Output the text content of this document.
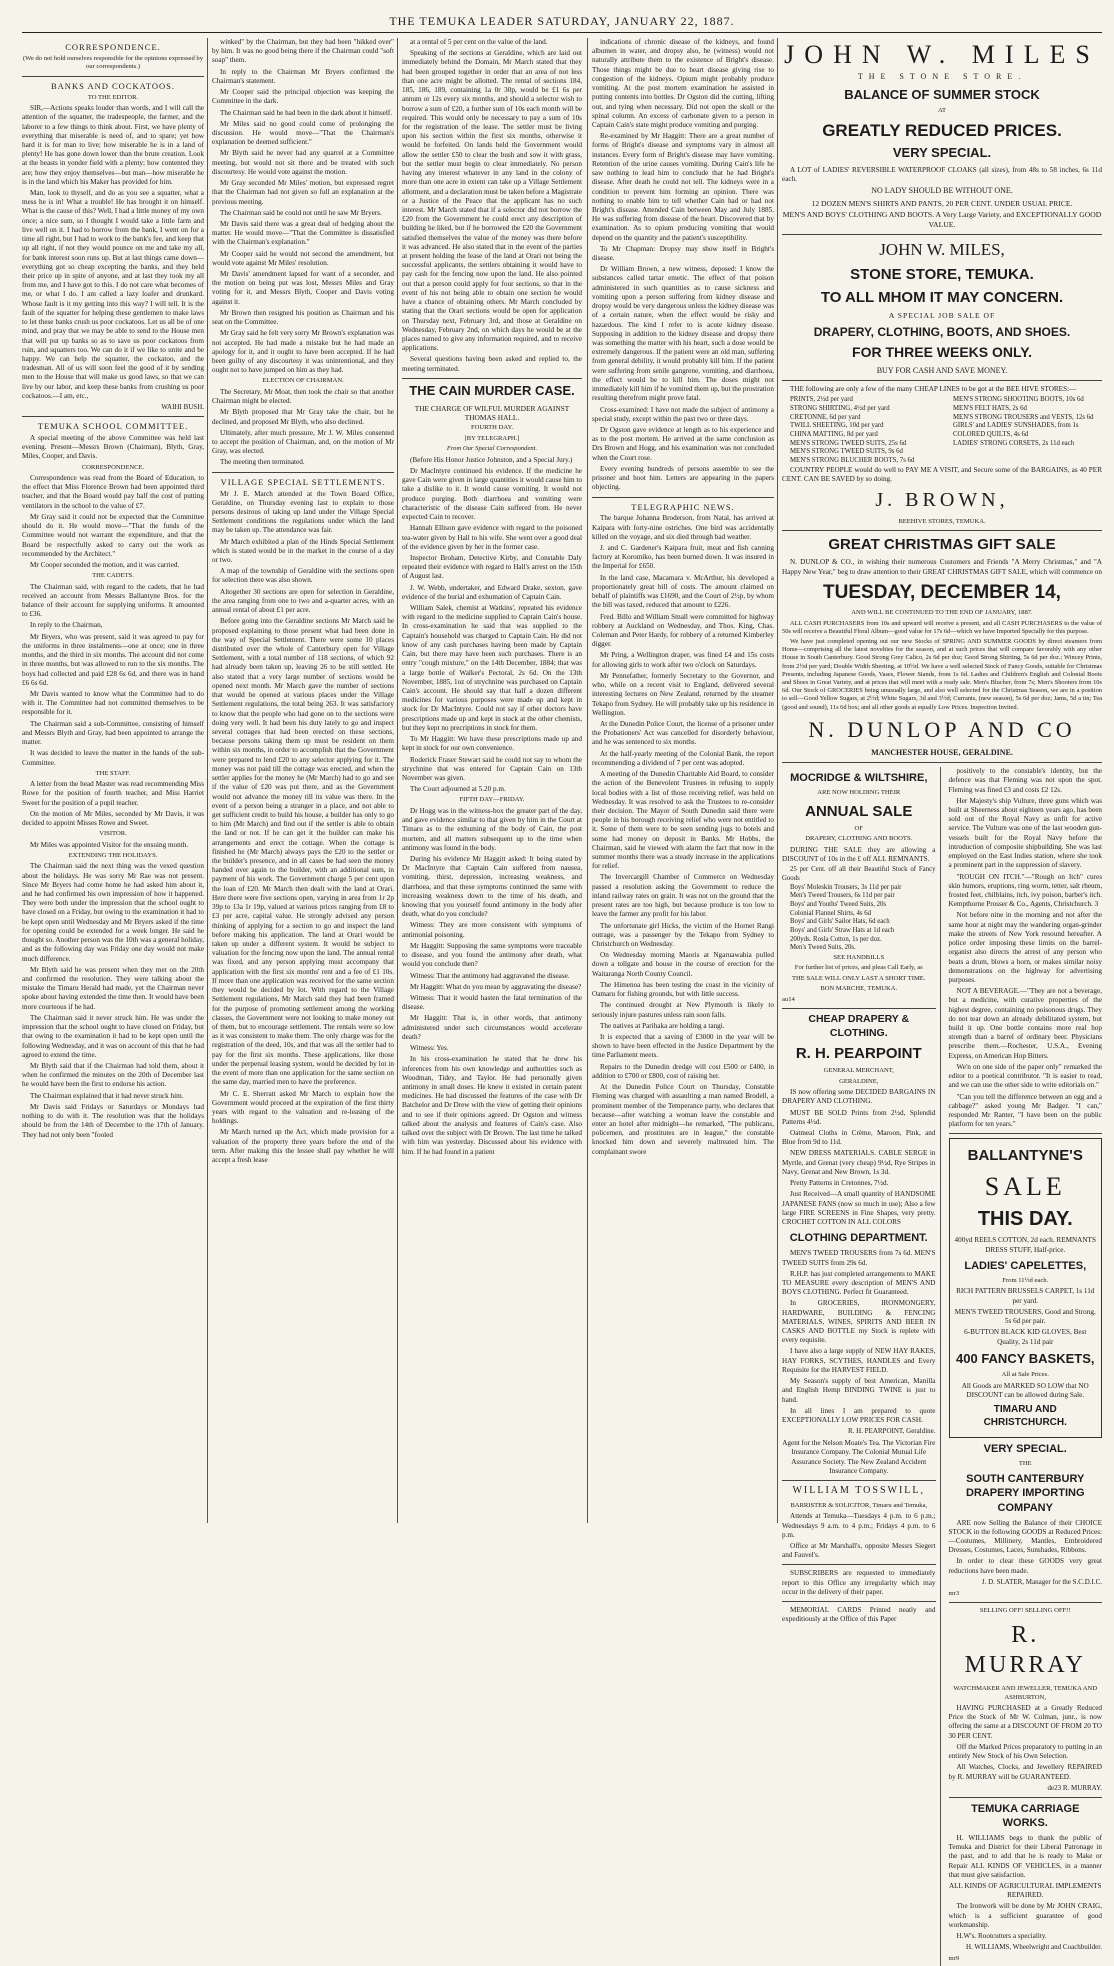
THE TEMUKA LEADER SATURDAY, JANUARY 22, 1887.
CORRESPONDENCE.
(We do not hold ourselves responsible for the opinions expressed by our correspondents.)
BANKS AND COCKATOOS.
TO THE EDITOR.

SIR,—Actions speaks louder than words, and I will call the attention of the squatter, the tradespeople, the farmer, and the laborer to a few things to think about. First, we have plenty of everything that miserable is need of, and to spare; yet how hard it is for man to live; how miserable he is in a land of plenty! He has gone down lower than the brute creation. Look at the beasts in yonder field with a plenty; how contented they are; how they enjoy themselves—but man—how miserable he is in the land which his Maker has provided for him.

Man, look to thyself, and do as you see a squatter, what a mess he is in! What a trouble! He has brought it on himself. What is the cause of this? Well, I had a little money of my own once; a nice sum, so I thought I would take a little farm and live well on it. I had to borrow from the bank, I went on for a time all right, but I had to work to the bank's fee, and keep that up all right, if not they would pounce on me and take my all, for bank interest soon runs up. But at last things came down—everything got so cheap excepting the banks, and they held their price up in spite of anyone, and at last they took my all from me, and I have got to this. I do not care what becomes of me, or what I do. I am called a lazy loafer and drunkard. Whose fault is it my getting into this way? I will tell. It is the fault of the squatter for helping these gentlemen to make laws to let these banks crush us poor cockatoos. Let us all be of one mind, and pray that we may be able to send to the House men that will put up banks so as to save us poor cockatoos from ruin, and squatters too. We can do it if we like to unite and be happy. We can help the squatter, the cockatoo, and the tradesman. All of us will soon feel the good of it by sending men to the House that will make us good laws, so that we can live by our labor, and keep these banks from crushing us poor cockatoos.—I am, etc.,

WAIHI BUSH.
TEMUKA SCHOOL COMMITTEE.

A special meeting of the above Committee was held last evening. Present—Messrs Brown (Chairman), Blyth, Gray, Miles, Cooper, and Davis.

CORRESPONDENCE.

Correspondence was read from the Board of Education, to the effect that Miss Florence Brown had been appointed third teacher, and that the Board would pay half the cost of putting ventilators in the school to the value of £7.

Mr Gray said it could not be expected that the Committee should do it. He would move—"That the funds of the Committee would not warrant the expenditure, and that the Board be respectfully asked to carry out the work as recommended by the Architect."

Mr Cooper seconded the motion, and it was carried.

THE CADETS.

The Chairman said, with regard to the cadets, that he had received an account from Messrs Ballantyne Bros. for the balance of their account for supplying uniforms. It amounted to £36.

In reply to the Chairman,

Mr Bryers, who was present, said it was agreed to pay for the uniforms in three instalments—one at once; one in three months, and the third in six months. The account did not come in three months, but was allowed to run to the six months. The boys had collected and paid £28 6s 6d, and there was in hand £6 6s 6d.

Mr Davis wanted to know what the Committee had to do with it. The Committee had not committed themselves to be responsible for it.

The Chairman said a sub-Committee, consisting of himself and Messrs Blyth and Gray, had been appointed to arrange the matter.

It was decided to leave the matter in the hands of the sub-Committee.

THE STAFF.

A letter from the head Master was read recommending Miss Rowe for the position of fourth teacher, and Miss Harriet Sweet for the position of a pupil teacher.

On the motion of Mr Miles, seconded by Mr Davis, it was decided to appoint Misses Rowe and Sweet.

VISITOR.

Mr Miles was appointed Visitor for the ensuing month.

EXTENDING THE HOLIDAYS.

The Chairman said the next thing was the vexed question about the holidays. He was sorry Mr Rae was not present. Since Mr Bryers had come home he had asked him about it, and he had confirmed his own impression of how it happened. They were both under the impression that the school ought to have closed on a Friday, but owing to the examination it had to be kept open until Wednesday and Mr Bryers asked if the time for opening could be extended for a week longer. He said he thought so. Another person was the 10th was a general holiday, and as the following day was Friday one day would not make much difference.

Mr Blyth said he was present when they met on the 20th and confirmed the resolution. They were talking about the mistake the Timaru Herald had made, yet the Chairman never spoke about having extended the time then. It would have been more courteous if he had.

The Chairman said it never struck him. He was under the impression that the school ought to have closed on Friday, but that owing to the examination it had to be kept open until the following Wednesday, and it was on account of this that he had agreed to extend the time.

Mr Blyth said that if the Chairman had told them, about it when he confirmed the minutes on the 20th of December last he would have been the first to endorse his action.

The Chairman explained that it had never struck him.

Mr Davis said Fridays or Saturdays or Mondays had nothing to do with it. The resolution was that the holidays should be from the 14th of December to the 17th of January. They had not only been "fooled

winked" by the Chairman, but they had been "hikked over" by him. It was no good being there if the Chairman could "soft soap" them.

In reply to the Chairman Mr Bryers confirmed the Chairman's statement.

Mr Cooper said the principal objection was keeping the Committee in the dark.

The Chairman said he had been in the dark about it himself.

Mr Miles said no good could come of prolonging the discussion. He would move—"That the Chairman's explanation be deemed sufficient."

Mr Blyth said he never had any quarrel at a Committee meeting, but would not sit there and be treated with such discourtesy. He would vote against the motion.

Mr Gray seconded Mr Miles' motion, but expressed regret that the Chairman had not given so full an explanation at the previous meeting.

The Chairman said he could not until he saw Mr Bryers.

Mr Davis said there was a great deal of hedging about the matter. He would move—"That the Committee is dissatisfied with the Chairman's explanation."

Mr Cooper said he would not second the amendment, but would vote against Mr Miles' resolution.

Mr Davis' amendment lapsed for want of a seconder, and the motion on being put was lost, Messrs Miles and Gray voting for it, and Messrs Blyth, Cooper and Davis voting against it.

Mr Brown then resigned his position as Chairman and his seat on the Committee.

Mr Gray said he felt very sorry Mr Brown's explanation was not accepted. He had made a mistake but he had made an apology for it, and it ought to have been accepted. If he had been guilty of any discourtesy it was unintentional, and they ought not to have jumped on him as they had.

ELECTION OF CHAIRMAN.

The Secretary, Mr Moat, then took the chair so that another Chairman might be elected.

Mr Blyth proposed that Mr Gray take the chair, but he declined, and proposed Mr Blyth, who also declined.

Ultimately, after much pressure, Mr J. W. Miles consented to accept the position of Chairman, and, on the motion of Mr Gray, was elected.

The meeting then terminated.

VILLAGE SPECIAL SETTLEMENTS.

Mr J. E. March attended at the Town Board Office, Geraldine, on Thursday evening last to explain to those persons desirous of taking up land under the Village Special Settlement conditions the regulations under which the land may be taken up. The attendance was fair.

Mr March exhibited a plan of the Hinds Special Settlement which is stated would be in the market in the course of a day or two.

A map of the township of Geraldine with the sections open for selection there was also shown.

Altogether 30 sections are open for selection in Geraldine, the area ranging from one to two and a-quarter acres, with an annual rental of about £1 per acre.

Before going into the Geraldine sections Mr March said he proposed explaining to those present what had been done in the way of Special Settlement. There were some 10 places distributed over the whole of Canterbury open for Village Settlement, with a total number of 118 sections, of which 92 had already been taken up, leaving 26 to be still settled. He also stated that a very large number of sections would be opened next month. Mr March gave the number of sections that would be opened at various places under the Village Settlement regulations, the total being 263. It was satisfactory to know that the people who had gone on to the sections were doing very well. It had been his duty lately to go and inspect several cottages that had been erected on these sections, because persons taking them up must be resident on them within six months, in order to accomplish that the Government were prepared to lend £20 to any selector applying for it. The money was not paid till the cottage was erected, and when the settler applies for the money he (Mr March) had to go and see if the value of £20 was put there, and as the Government would not advance the money till its value was there. In the event of a person being a stranger in a place, and not able to get sufficient credit to build his house, a builder has only to go to him (Mr March) and find out if the settler is able to obtain the land or not. If he can get it the builder can make his arrangements and erect the cottage. When the cottage is finished he (Mr March) always pays the £20 to the settler or the builder's presence, and in all cases be had seen the money handed over again to the builder, with an additional sum, in payment of his work. The Government charge 5 per cent upon the loan of £20. Mr March then dealt with the land at Orari. Here there were five sections open, varying in area from 1r 2p 39p to 13a 1r 19p, valued at various prices ranging from £8 to £3 per acre, capital value. He strongly advised any person thinking of applying for a section to go and inspect the land before making his application. The land at Orari would be taken up under a different system. It would be subject to valuation for the fencing now upon the land. The annual rental was fixed, and any person applying must accompany that application with the first six months' rent and a fee of £1 10s. If more than one application was received for the same section they would be decided by lot. With regard to the Village Settlement regulations, Mr March said they had been framed for the purpose of promoting settlement among the working classes, the Government were not looking to make money out of them, but to encourage settlement. The rentals were so low as it was consistent to make them. The only charge was for the registration of the deed, 10s, and that was all the settler had to pay for the first six months. These applications, like those under the perpetual leasing system, would be decided by lot in the event of more than one application for the same section on the same day, married men to have the preference.

Mr C. E. Sherratt asked Mr March to explain how the Government would proceed at the expiration of the first thirty years with regard to the valuation and re-leasing of the holdings.

Mr March turned up the Act, which made provision for a valuation of the property three years before the end of the term. After making this the lessee shall pay whether he will accept a fresh lease

at a rental of 5 per cent on the value of the land.

Speaking of the sections at Geraldine, which are laid out immediately behind the Domain, Mr March stated that they had been grouped together in order that an area of not less than one acre might be allotted. The rental of sections 184, 185, 186, 189, containing 1a 0r 30p, would be £1 6s per annum or 12s every six months, and should a selector wish to borrow a sum of £20, a further sum of 10s each month will be required. This would only be necessary to pay a sum of 10s for the registration of the lease. The settler must be living upon his section within the first six months, otherwise it would be forfeited. On lands held the Government would allow the settler £50 to clear the bush and sow it with grass, but the settler must begin to clear immediately. No person having any interest whatever in any land in the colony of more than one acre in extent can take up a Village Settlement allotment, and a declaration must be taken before a Magistrate or a Justice of the Peace that the applicant has no such interest. Mr March stated that if a selector did not borrow the £20 from the Government he could erect any description of building he liked, but if he borrowed the £20 the Government satisfied themselves the value of the money was there before it was advanced. He also stated that in the event of the parties at present holding the lease of the land at Orari not being the successful applicants, the settlers obtaining it would have to pay cash for the fencing now upon the land. He also pointed out that a person could apply for four sections, so that in the event of his not being able to obtain one section he would have a chance of obtaining others. Mr March concluded by stating that the Orari sections would be open for application on Thursday next, February 3rd, and those at Geraldine on Wednesday, February 2nd, on which days he would be at the places named to give any information required, and to receive applications.

Several questions having been asked and replied to, the meeting terminated.

THE CAIN MURDER CASE.
THE CHARGE OF WILFUL MURDER AGAINST THOMAS HALL.
FOURTH DAY.
[BY TELEGRAPH.]
From Our Special Correspondent.

(Before His Honor Justice Johnston, and a Special Jury.)

Dr MacIntyre continued his evidence. If the medicine he gave Cain were given in large quantities it would cause him to take a dislike to it. It would cause vomiting. It would not produce purging. Both diarrhoea and vomiting were characteristic of the disease Cain suffered from. He never expected Cain to recover.

Hannah Ellison gave evidence with regard to the poisoned tea-water given by Hall to his wife. She went over a good deal of the evidence given by her in the former case.

Inspector Broham, Detective Kirby, and Constable Daly repeated their evidence with regard to Hall's arrest on the 15th of August last.

J. W. Webb, undertaker, and Edward Drake, sexton, gave evidence of the burial and exhumation of Captain Cain.

William Salek, chemist at Watkins', repeated his evidence with regard to the medicine supplied to Captain Cain's house. In cross-examination he said that was supplied to the Captain's household was charged to Captain Cain. He did not know of any cash purchases having been made by Captain Cain, but there may have been such purchases. There is an entry "cough mixture," on the 14th December, 1884; that was a large bottle of Walker's Pectoral, 2s 6d. On the 13th November, 1885, 1oz of strychnine was purchased on Captain Cain's account. He should say that half a dozen different medicines for various purposes were made up and kept in stock for Dr MacIntyre. Could not say if other doctors have prescriptions made up and kept in stock at the other chemists, but they kept no precriptions in stock for them.

To Mr Haggitt: We have these prescriptions made up and kept in stock for our own convenience.

Roderick Fraser Stewart said he could not say to whom the strychnine that was entered for Captain Cain on 13th November was given.

The Court adjourned at 5.20 p.m.

FIFTH DAY—FRIDAY.

Dr Hogg was in the witness-box the greater part of the day, and gave evidence similar to that given by him in the Court at Timaru as to the exhuming of the body of Cain, the post mortem, and all matters subsequent up to the time when antimony was found in the body.

During his evidence Mr Haggitt asked: It being stated by Dr MacIntyre that Captain Cain suffered from nausea, vomiting, thirst, depression, increasing weakness, and diarrhoea, and that these symptoms continued the same with increasing weakness down to the time of his death, and knowing that you yourself found antimony in the body after death, what do you conclude?

Witness: They are more consistent with symptoms of antimonial poisoning.

Mr Haggitt: Supposing the same symptoms were traceable to disease, and you found the antimony after death, what would you conclude then?

Witness: That the antimony had aggravated the disease.

Mr Haggitt: What do you mean by aggravating the disease?

Witness: That it would hasten the fatal termination of the disease.

Mr Haggitt: That is, in other words, that antimony administered under such circumstances would accelerate death?

Witness: Yes.

In his cross-examination he stated that he drew his inferences from his own knowledge and authorities such as Woodman, Tidey, and Taylor. He had personally given antimony in small doses. He knew it existed in certain patent medicines. He had discussed the features of the case with Dr Batchelor and Dr Drew with the view of getting their opinions and to see if their opinions agreed. Dr Ogston and witness talked about the analysis and features of Cain's case. Also talked over the subject with Dr Brown. The last time he talked with him was yesterday. Discussed about his evidence with him. If he had found in a patient

indications of chronic disease of the kidneys, and found albumen in water, and dropsy also, he (witness) would not naturally attribute them to the existence of Bright's disease. Those things might be due to heart disease giving rise to congestion of the kidneys. Opium might probably produce vomiting. At the post mortem examination he assisted in putting contents into bottles. Dr Ogston did the cutting, lifting out, and tying when necessary. Did not open the skull or the spinal column. An excess of carbonate given to a person in Captain Cain's state might produce vomiting and purging.

Re-examined by Mr Haggitt: There are a great number of forms of Bright's disease and symptoms vary in almost all instances. Every form of Bright's disease may have vomiting. Retention of the urine causes vomiting. During Cain's life he saw nothing to lead him to conclude that he had Bright's disease. After death he could not tell. The kidneys were in a condition to prevent him forming an opinion. There was nothing to enable him to tell whether Cain had or had not Bright's disease. Attended Cain between May and July 1885. He was suffering from disease of the heart. Discovered that by examination. As to opium producing vomiting that would depend on the quantity and the patient's susceptibility.

To Mr Chapman: Dropsy may show itself in Bright's disease.

Dr William Brown, a new witness, deposed: I know the substances called tartar emetic. The effect of that poison administered in such quantities as to cause sickness and vomiting upon a person suffering from kidney disease and dropsy would be very dangerous unless the kidney disease was of a certain nature, when the effect would be risky and hazardous. The kind I refer to is acute kidney disease. Supposing in addition to the kidney disease and dropsy there was something the matter with his heart, such a dose would be extremely dangerous. If the patient were an old man, suffering from general debility, it would probably kill him. If the patient were suffering from senile gangrene, vomiting, and diarrhoea, the effect would be to kill him. The doses might not immediately kill him if he vomited them up, but the prostration resulting therefrom might prove fatal.

Cross-examined: I have not made the subject of antimony a special study, except within the past two or three days.

Dr Ogston gave evidence at length as to his experience and as to the post mortem. He arrived at the same conclusion as Drs Brown and Hogg, and his examination was not concluded when the Court rose.

Every evening hundreds of persons assemble to see the prisoner and hoot him. Letters are appearing in the papers objecting.

TELEGRAPHIC NEWS.

The barque Johanna Broderson, from Natal, has arrived at Kaipara with forty-nine ostriches. One bird was accidentally killed on the voyage, and six died through bad weather.

J. and C. Gardener's Kaipara fruit, meat and fish canning factory at Koromiko, has been burned down. It was insured in the Imperial for £650.

In the land case, Macamara v. McArthur, his developed a proportionately great bill of costs. The amount claimed on behalf of plaintiffs was £1690, and the Court of 2½p, by whom the bill was taxed, reduced that amount to £226.

Fred. Billo and William Small were committed for highway robbery at Auckland on Wednesday, and Thos. King, Chas. Coleman and Peter Hardy, for robbery of a returned Kimberley digger.

Mr Pring, a Wellington draper, was fined £4 and 15s costs for allowing girls to work after two o'clock on Saturdays.

Mr Pennefather, formerly Secretary to the Governor, and who, while on a recent visit to England, delivered several interesting lectures on New Zealand, returned by the steamer Tekapo from Sydney. He will probably take up his residence in Wellington.

At the Dunedin Police Court, the license of a prisoner under the Probationers' Act was cancelled for disorderly behaviour, and he was sentenced to six months.

At the half-yearly meeting of the Colonial Bank, the report recommending a dividend of 7 per cent was adopted.

A meeting of the Dunedin Charitable Aid Board, to consider the action of the Benevolent Trustees in refusing to supply local bodies with a list of those receiving relief, was held on Wednesday. It was resolved to ask the Trustees to re-consider their decision. The Mayor of South Dunedin said there were people in his borough receiving relief who were not entitled to it. Some of them were to be seen sending jugs to hotels and some had money on deposit in Banks. Mr Hobbs, the Chairman, said he viewed with alarm the fact that now in the summer months there was a steady increase in the applications for relief.

The Invercargill Chamber of Commerce on Wednesday passed a resolution asking the Government to reduce the inland railway rates on grain. It was not on the ground that the present rates are too high, but because produce is too low to leave the farmer any profit for his labor.

The unfortunate girl Hicks, the victim of the Hornet Rangi outrage, was a passenger by the Tekapo from Sydney to Christchurch on Wednesday.

On Wednesday morning Maoris at Ngaruawahia pulled down a tollgate and house in the course of erection for the Waitaranga North County Council.

The Himenoa has been testing the coast in the vicinity of Oamaru for fishing grounds, but with little success.

The continued drought at New Plymouth is likely to seriously injure pastures unless rain soon falls.

The natives at Parihaka are holding a tangi.

It is expected that a saving of £3000 in the year will be shown to have been effected in the Justice Department by the time Parliament meets.

Repairs to the Dunedin dredge will cost £500 or £400, in addition to £700 or £800, cost of raising her.

At the Dunedin Police Court on Thursday, Constable Fleming was charged with assaulting a man named Brodell, a prominent member of the Temperance party, who declares that because—after watching a woman leave the constable and enter an hotel after midnight—he remarked, "The publicans, policemen, and prostitutes are in league," the constable knocked him down and severely maltreated him. The complainant swore

JOHN W. MILES
THE STONE STORE.
BALANCE OF SUMMER STOCK
AT
GREATLY REDUCED PRICES.
VERY SPECIAL.

A LOT of LADIES' REVERSIBLE WATERPROOF CLOAKS (all sizes), from 48s to 58 inches, 6s 11d each.

NO LADY SHOULD BE WITHOUT ONE.
12 DOZEN MEN'S SHIRTS AND PANTS, 20 PER CENT. UNDER USUAL PRICE.
MEN'S AND BOYS' CLOTHING AND BOOTS. A Very Large Variety, and EXCEPTIONALLY GOOD VALUE.
JOHN W. MILES,
STONE STORE, TEMUKA.
TO ALL MHOM IT MAY CONCERN.
A SPECIAL JOB SALE OF
DRAPERY, CLOTHING, BOOTS, AND SHOES.
FOR THREE WEEKS ONLY.
BUY FOR CASH AND SAVE MONEY.

THE following are only a few of the many CHEAP LINES to be got at the BEE HIVE STORES:—

PRINTS, 2½d per yard

STRONG SHIRTING, 4½d per yard

CRETONNE, 6d per yard

TWILL SHEETING, 10d per yard

CHINA MATTING, 8d per yard

MEN'S STRONG TWEED SUITS, 25s 6d

MEN'S STRONG TWEED SUITS, 9s 6d

MEN'S STRONG BLUCHER BOOTS, 7s 6d

MEN'S STRONG SHOOTING BOOTS, 10s 6d

MEN'S FELT HATS, 2s 6d

MEN'S STRONG TROUSERS and VESTS, 12s 6d

GIRLS' and LADIES' SUNSHADES, from 1s

COLORED QUILTS, 4s 6d

LADIES' STRONG CORSETS, 2s 11d each

COUNTRY PEOPLE would do well to PAY ME A VISIT, and Secure some of the BARGAINS, as 40 PER CENT. CAN BE SAVED by so doing.

J. BROWN,
BEEHIVE STORES, TEMUKA.
GREAT CHRISTMAS GIFT SALE

N. DUNLOP & CO., in wishing their numerous Customers and Friends "A Merry Christmas," and "A Happy New Year," beg to draw attention to their GREAT CHRISTMAS GIFT SALE, which will commence on

TUESDAY, DECEMBER 14,
AND WILL BE CONTINUED TO THE END OF JANUARY, 1887.

ALL CASH PURCHASERS from 10s and upward will receive a present, and all CASH PURCHASERS to the value of 50s will receive a Beautiful Floral Album—good value for 17s 6d—which we have Imported Specially for this purpose.

We have just completed opening out our new Stocks of SPRING AND SUMMER GOODS by direct steamers from Home—comprising all the latest novelties for the season, and at such prices that will compare favorably with any other House in South Canterbury. Good Strong Grey Calico, 2s 6d per doz; Good Strong Shirting, 5s 6d per doz.; Wincey Prints, from 2½d per yard; Double Width Sheeting, at 10½d. We have a well selected Stock of Fancy Goods, suitable for Christmas Presents, including Japanese Goods, Vases, Flower Stands, from 1s 6d. Ladies and Children's English and Colonial Boots and Shoes in Great Variety, and at prices that will meet with a ready sale. Men's Blucher, from 7s; Men's Shooters from 10s 6d. Our Stock of GROCERIES being unusually large, and also well selected for the Christmas Season, we are in a position to sell—Good Yellow Sugars, at 2½d; White Sugars, 3d and 3½d; Currants, (new season), 5s 6d per doz; Jams, 5d a tin; Tea (good and sound), 11s 6d box; and all other goods at equally Low Prices. Inspection Invited.

N. DUNLOP AND CO
MANCHESTER HOUSE, GERALDINE.
MOCRIDGE & WILTSHIRE,
ARE NOW HOLDING THEIR
ANNUAL SALE
OF
DRAPERY, CLOTHING AND BOOTS.

DURING THE SALE they are allowing a DISCOUNT of 10s in the £ off ALL REMNANTS.

25 per Cent. off all their Beautiful Stock of Fancy Goods

Boys' Moleskin Trousers, 3s 11d per pair

Men's Tweed Trousers, 6s 11d per pair

Boys' and Youths' Tweed Suits, 20s

Colonial Flannel Shirts, 4s 6d

Boys' and Girls' Sailor Hats, 6d each

Boys' and Girls' Straw Hats at 1d each

200yds. Rosla Cotton, 1s per doz.

Men's Tweed Suits, 20s.

SEE HANDBILLS
For further list of prices, and pleas Call Early, as
THE SALE WILL ONLY LAST A SHORT TIME.
BON MARCHE, TEMUKA.
au14
CHEAP DRAPERY & CLOTHING.
R. H. PEARPOINT
GENERAL MERCHANT,
GERALDINE,

IS now offering some DECIDED BARGAINS IN DRAPERY AND CLOTHING.

MUST BE SOLD Prints from 2½d, Splendid Patterns 4½d.

Oatmeal Cloths in Crème, Maroon, Pink, and Blue from 9d to 11d.

NEW DRESS MATERIALS. CABLE SERGE in Myrtle, and Grenat (very cheap) 9½d, Rye Stripes in Navy, Grenat and New Brown, 1s 3d.

Pretty Patterns in Cretonnes, 7½d.

Just Received—A small quantity of HANDSOME JAPANESE FANS (now so much in use); Also a few large FIRE SCREENS in Fine Shapes, very pretty. CROCHET COTTON IN ALL COLORS

CLOTHING DEPARTMENT.

MEN'S TWEED TROUSERS from 7s 6d. MEN'S TWEED SUITS from 29s 6d.

R.H.P. has just completed arrangements to MAKE TO MEASURE every description of MEN'S AND BOYS CLOTHING. Perfect fit Guaranteed.

In GROCERIES, IRONMONGERY, HARDWARE, BUILDING & FENCING MATERIALS, WINES, SPIRITS AND BEER IN CASKS AND BOTTLE my Stock is replete with every requisite.

I have also a large supply of NEW HAY RAKES, HAY FORKS, SCYTHES, HANDLES and Every Requisite for the HARVEST FIELD.

My Season's supply of best American, Manilla and English Hemp BINDING TWINE is just to hand.

In all lines I am prepared to quote EXCEPTIONALLY LOW PRICES FOR CASH.

R. H. PEARPOINT, Geraldine.

Agent for the Nelson Moate's Tea. The Victorian Fire Insurance Company. The Colonial Mutual Life Assurance Society. The New Zealand Accident Insurance Company.

WILLIAM TOSSWILL,
BARRISTER & SOLICITOR, Timaru and Temuka,

Attends at Temuka—Tuesdays 4 p.m. to 6 p.m.; Wednesdays 9 a.m. to 4 p.m.; Fridays 4 p.m. to 6 p.m.

Office at Mr Marshall's, opposite Messrs Siegert and Fauvel's.

SUBSCRIBERS are requested to immediately report to this Office any irregularity which may occur in the delivery of their paper.

MEMORIAL CARDS Printed neatly and expeditiously at the Office of this Paper

positively to the constable's identity, but the defence was that Fleming was not upon the spot. Fleming was fined £3 and costs £2 12s.

Her Majesty's ship Vulture, three guns which was built at Sheerness about eighteen years ago, has been sold out of the Royal Navy as unfit for active service. The Vulture was one of the last wooden gun-vessels built for the Royal Navy before the introduction of composite shipbuilding. She was last employed on the East Indies station, where she took a prominent part in the suppression of slavery.

"ROUGH ON ITCH."—"Rough on Itch" cures skin humors, eruptions, ring worm, tetter, salt rheum, frosted feet, chilblains, itch, ivy poison, barber's itch. Kempthorne Prosser & Co., Agents, Christchurch. 3

Not before nine in the morning and not after the same hour at night may the wandering organ-grinder make the streets of New York resound hereafter. A police order imposing these limits on the barrel-organist also directs the arrest of any person who beats a drum, blows a horn, or makes similar noisy demonstrations on the highway for advertising purposes.

NOT A BEVERAGE.—"They are not a beverage, but a medicine, with curative properties of the highest degree, containing no poisonous drugs. They do not tear down an already debilitated system, but build it up. One bottle contains more real hop strength than a barrel of ordinary beer. Physicians prescribe them.—Rochester, U.S.A., Evening Express, on American Hop Bitters.

We'n on one side of the paper only" remarked the editor to a poetical contributor. "It is easier to read, and we can use the other side to write editorials on."

"Can you tell the difference between an egg and a cabbage?" asked young Mr Badger. "I can," responded Mr Ranter, "I have been on the public platform for ten years."

BALLANTYNE'S
SALE
THIS DAY.

400yd REELS COTTON, 2d each. REMNANTS DRESS STUFF, Half-price.

LADIES' CAPELETTES,
From 11½d each.

RICH PATTERN BRUSSELS CARPET, 1s 11d per yard.

MEN'S TWEED TROUSERS, Good and Strong, 5s 6d per pair.

6-BUTTON BLACK KID GLOVES, Best Quality, 2s 11d pair

400 FANCY BASKETS,
All at Sale Prices.

All Goods are MARKED SO LOW that NO DISCOUNT can be allowed during Sale.

TIMARU AND CHRISTCHURCH.
VERY SPECIAL.
THE
SOUTH CANTERBURY DRAPERY IMPORTING COMPANY

ARE now Selling the Balance of their CHOICE STOCK in the following GOODS at Reduced Prices:—Costumes, Millinery, Mantles, Embroidered Dresses, Costumes, Laces, Sunshades, Ribbons.

In order to clear these GOODS very great reductions have been made.

J. D. SLATER, Manager for the S.C.D.I.C.
mr3
SELLING OFF! SELLING OFF!!
R. MURRAY
WATCHMAKER AND JEWELLER, TEMUKA AND ASHBURTON,

HAVING PURCHASED at a Greatly Reduced Price the Stock of Mr W. Colman, junr., is now offering the same at a DISCOUNT OF FROM 20 TO 30 PER CENT.

Off the Marked Prices preparatory to putting in an entirely New Stock of his Own Selection.

All Watches, Clocks, and Jewellery REPAIRED by R. MURRAY will be GUARANTEED.

de23 R. MURRAY.
TEMUKA CARRIAGE WORKS.

H. WILLIAMS begs to thank the public of Temuka and District for their Liberal Patronage in the past, and to add that he is ready to Make or Repair ALL KINDS OF VEHICLES, in a manner that must give satisfaction.

ALL KINDS OF AGRICULTURAL IMPLEMENTS REPAIRED.

The Ironwork will be done by Mr JOHN CRAIG, which is a sufficient guarantee of good workmanship.

H.W's. Rootcutters a speciality.

H. WILLIAMS, Wheelwright and Coachbuilder.
mr9
